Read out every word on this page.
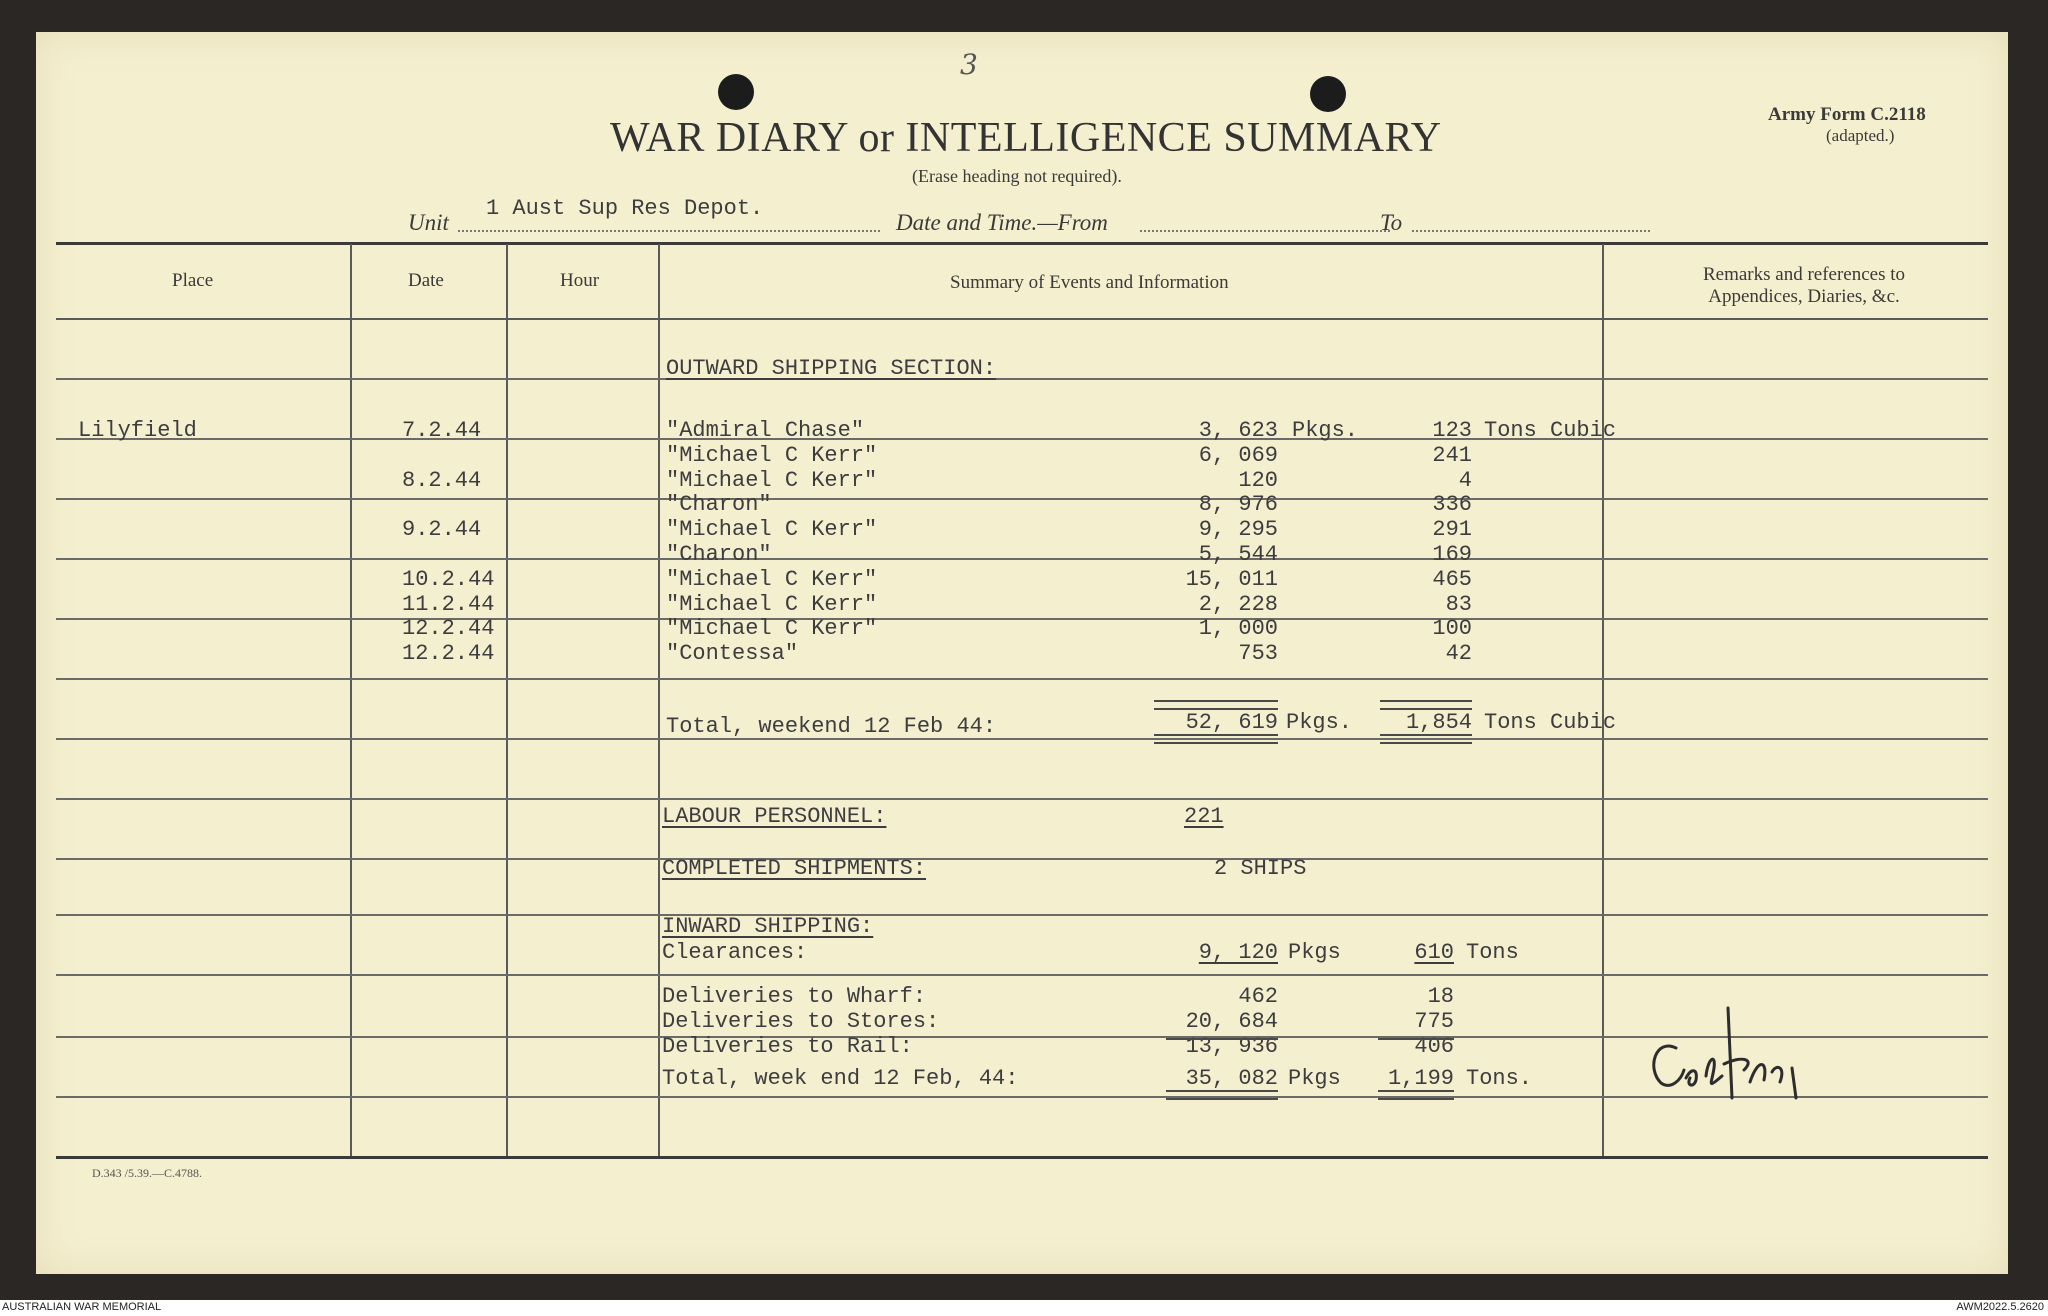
3
WAR DIARY or INTELLIGENCE SUMMARY
(Erase heading not required).
Army Form C.2118
(adapted.)
Unit
1 Aust Sup Res Depot.
Date and Time.—From	To
Place	Date	Hour	Summary of Events and Information	Remarks and references to Appendices, Diaries, &c.
OUTWARD SHIPPING SECTION:
Lilyfield	7.2.44	"Admiral Chase"	3, 623 Pkgs.	123 Tons Cubic
"Michael C Kerr"	6, 069	241
8.2.44	"Michael C Kerr"	120	4
"Charon"	8, 976	336
9.2.44	"Michael C Kerr"	9, 295	291
"Charon"	5, 544	169
10.2.44	"Michael C Kerr"	15, 011	465
11.2.44	"Michael C Kerr"	2, 228	83
12.2.44	"Michael C Kerr"	1, 000	100
12.2.44	"Contessa"	753	42
Total, weekend 12 Feb 44:	52, 619 Pkgs.	1,854 Tons Cubic
LABOUR PERSONNEL:	221
COMPLETED SHIPMENTS:	2 SHIPS
INWARD SHIPPING:
Clearances:	9, 120 Pkgs	610 Tons
Deliveries to Wharf:	462	18
Deliveries to Stores:	20, 684	775
Deliveries to Rail:	13, 936	406
Total, week end 12 Feb, 44:	35, 082 Pkgs	1,199 Tons.
D.343 /5.39.—C.4788.
AUSTRALIAN WAR MEMORIAL	AWM2022.5.2620
